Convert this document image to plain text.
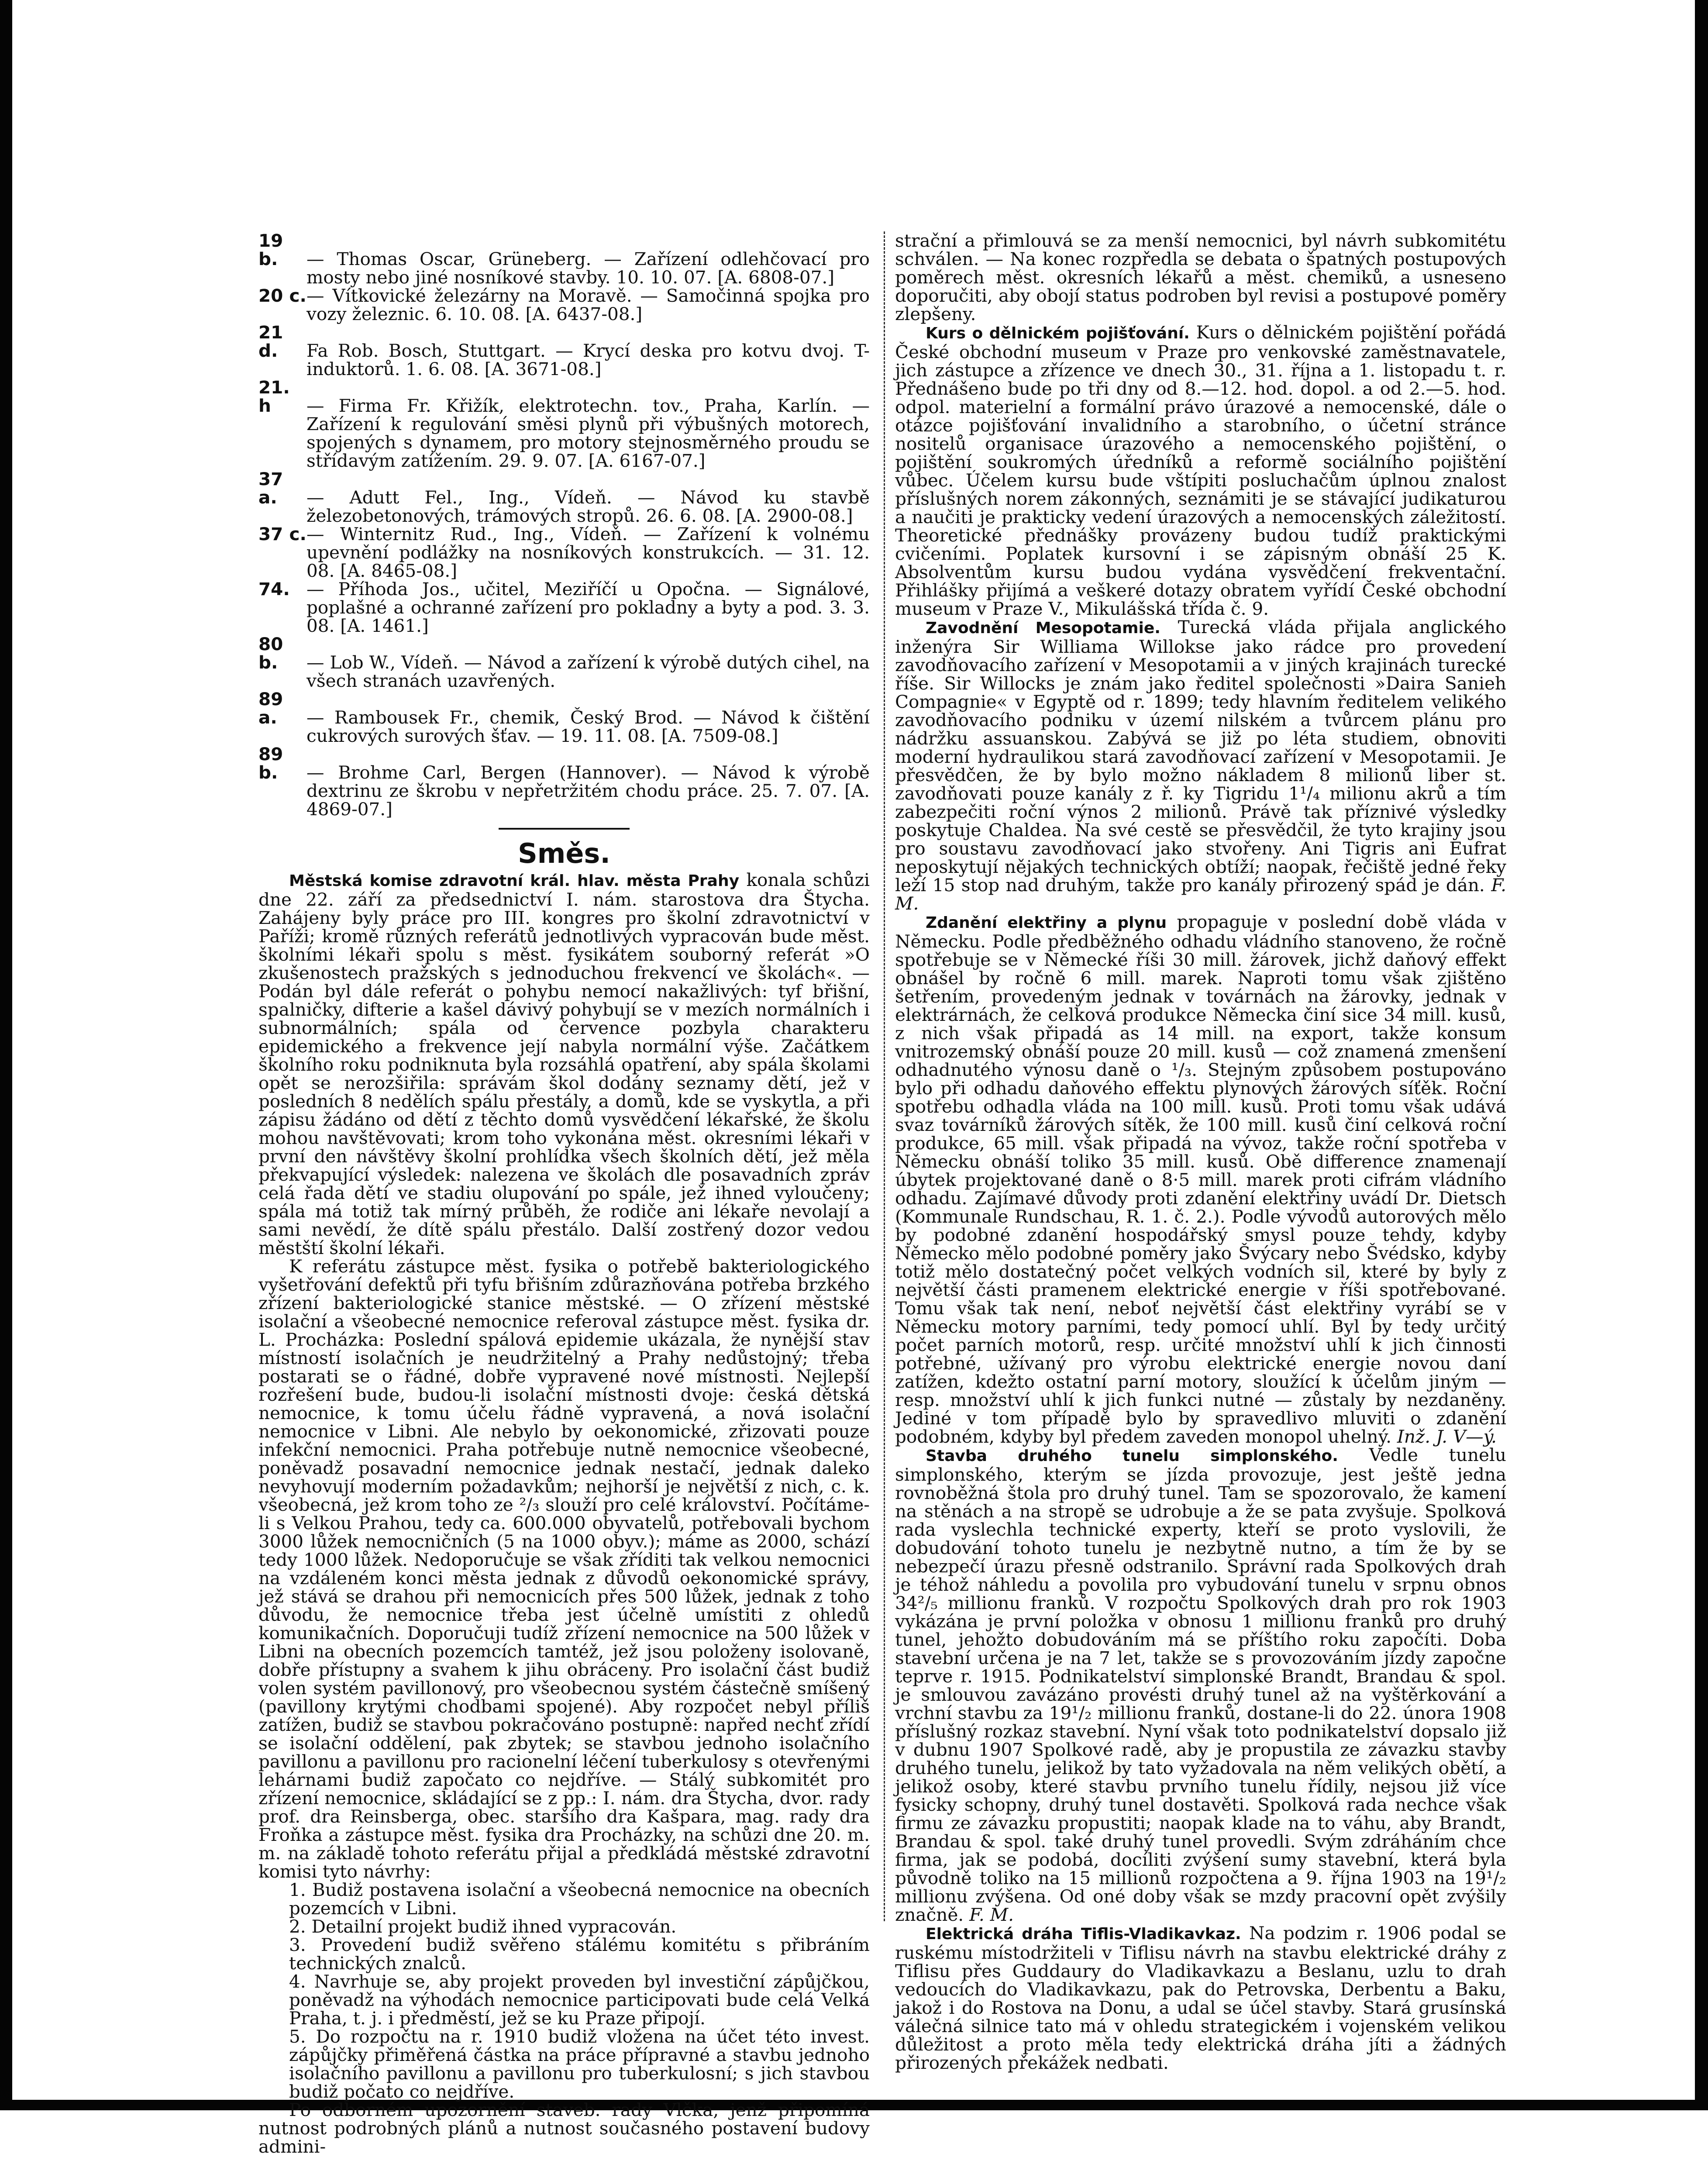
19 b. — Thomas Oscar, Grüneberg. — Zařízení odlehčovací pro mosty nebo jiné nosníkové stavby. 10. 10. 07. [A. 6808-07.]

20 c.— Vítkovické železárny na Moravě. — Samočinná spojka pro vozy železnic. 6. 10. 08. [A. 6437-08.]

21 d. Fa Rob. Bosch, Stuttgart. — Krycí deska pro kotvu dvoj. T-induktorů. 1. 6. 08. [A. 3671-08.]

21. h — Firma Fr. Křižík, elektrotechn. tov., Praha, Karlín. — Zařízení k regulování směsi plynů při výbušných motorech, spojených s dynamem, pro motory stejnosměrného proudu se střídavým zatížením. 29. 9. 07. [A. 6167-07.]

37 a. — Adutt Fel., Ing., Vídeň. — Návod ku stavbě železobetonových, trámových stropů. 26. 6. 08. [A. 2900-08.]

37 c.— Winternitz Rud., Ing., Vídeň. — Zařízení k volnému upevnění podlážky na nosníkových konstrukcích. — 31. 12. 08. [A. 8465-08.]

74. — Příhoda Jos., učitel, Meziříčí u Opočna. — Signálové, poplašné a ochranné zařízení pro pokladny a byty a pod. 3. 3. 08. [A. 1461.]

80 b. — Lob W., Vídeň. — Návod a zařízení k výrobě dutých cihel, na všech stranách uzavřených.

89 a. — Rambousek Fr., chemik, Český Brod. — Návod k čištění cukrových surových šťav. — 19. 11. 08. [A. 7509-08.]

89 b. — Brohme Carl, Bergen (Hannover). — Návod k výrobě dextrinu ze škrobu v nepřetržitém chodu práce. 25. 7. 07. [A. 4869-07.]

Směs.

Městská komise zdravotní král. hlav. města Prahy konala schůzi dne 22. září za předsednictví I. nám. starostova dra Štycha. Zahájeny byly práce pro III. kongres pro školní zdravotnictví v Paříži; kromě různých referátů jednotlivých vypracován bude měst. školními lékaři spolu s měst. fysikátem souborný referát »O zkušenostech pražských s jednoduchou frekvencí ve školách«. — Podán byl dále referát o pohybu nemocí nakažlivých: tyf břišní, spalničky, difterie a kašel dávivý pohybují se v mezích normálních i subnormálních; spála od července pozbyla charakteru epidemického a frekvence její nabyla normální výše. Začátkem školního roku podniknuta byla rozsáhlá opatření, aby spála školami opět se nerozšiřila: správám škol dodány seznamy dětí, jež v posledních 8 nedělích spálu přestály, a domů, kde se vyskytla, a při zápisu žádáno od dětí z těchto domů vysvědčení lékařské, že školu mohou navštěvovati; krom toho vykonána měst. okresními lékaři v první den návštěvy školní prohlídka všech školních dětí, jež měla překvapující výsledek: nalezena ve školách dle posavadních zpráv celá řada dětí ve stadiu olupování po spále, jež ihned vyloučeny; spála má totiž tak mírný průběh, že rodiče ani lékaře nevolají a sami nevědí, že dítě spálu přestálo. Další zostřený dozor vedou městští školní lékaři.

K referátu zástupce měst. fysika o potřebě bakteriologického vyšetřování defektů při tyfu břišním zdůrazňována potřeba brzkého zřízení bakteriologické stanice městské. — O zřízení městské isolační a všeobecné nemocnice referoval zástupce měst. fysika dr. L. Procházka: Poslední spálová epidemie ukázala, že nynější stav místností isolačních je neudržitelný a Prahy nedůstojný; třeba postarati se o řádné, dobře vypravené nové místnosti. Nejlepší rozřešení bude, budou-li isolační místnosti dvoje: česká dětská nemocnice, k tomu účelu řádně vypravená, a nová isolační nemocnice v Libni. Ale nebylo by oekonomické, zřizovati pouze infekční nemocnici. Praha potřebuje nutně nemocnice všeobecné, poněvadž posavadní nemocnice jednak nestačí, jednak daleko nevyhovují moderním požadavkům; nejhorší je největší z nich, c. k. všeobecná, jež krom toho ze ²/₃ slouží pro celé království. Počítáme-li s Velkou Prahou, tedy ca. 600.000 obyvatelů, potřebovali bychom 3000 lůžek nemocničních (5 na 1000 obyv.); máme as 2000, schází tedy 1000 lůžek. Nedoporučuje se však zříditi tak velkou nemocnici na vzdáleném konci města jednak z důvodů oekonomické správy, jež stává se drahou při nemocnicích přes 500 lůžek, jednak z toho důvodu, že nemocnice třeba jest účelně umístiti z ohledů komunikačních. Doporučuji tudíž zřízení nemocnice na 500 lůžek v Libni na obecních pozemcích tamtéž, jež jsou položeny isolovaně, dobře přístupny a svahem k jihu obráceny. Pro isolační část budiž volen systém pavillonový, pro všeobecnou systém částečně smíšený (pavillony krytými chodbami spojené). Aby rozpočet nebyl příliš zatížen, budiž se stavbou pokračováno postupně: napřed nechť zřídí se isolační oddělení, pak zbytek; se stavbou jednoho isolačního pavillonu a pavillonu pro racionelní léčení tuberkulosy s otevřenými lehárnami budiž započato co nejdříve. — Stálý subkomitét pro zřízení nemocnice, skládající se z pp.: I. nám. dra Štycha, dvor. rady prof. dra Reinsberga, obec. staršího dra Kašpara, mag. rady dra Froňka a zástupce měst. fysika dra Procházky, na schůzi dne 20. m. m. na základě tohoto referátu přijal a předkládá městské zdravotní komisi tyto návrhy:

1. Budiž postavena isolační a všeobecná nemocnice na obecních pozemcích v Libni.

2. Detailní projekt budiž ihned vypracován.

3. Provedení budiž svěřeno stálému komitétu s přibráním technických znalců.

4. Navrhuje se, aby projekt proveden byl investiční zápůjčkou, poněvadž na výhodách nemocnice participovati bude celá Velká Praha, t. j. i předměstí, jež se ku Praze připojí.

5. Do rozpočtu na r. 1910 budiž vložena na účet této invest. zápůjčky přiměřená částka na práce přípravné a stavbu jednoho isolačního pavillonu a pavillonu pro tuberkulosní; s jich stavbou budiž počato co nejdříve.

Po odborném upozornění staveb. rady Vlčka, jenž připomíná nutnost podrobných plánů a nutnost současného postavení budovy admini-

strační a přimlouvá se za menší nemocnici, byl návrh subkomitétu schválen. — Na konec rozpředla se debata o špatných postupových poměrech měst. okresních lékařů a měst. chemiků, a usneseno doporučiti, aby obojí status podroben byl revisi a postupové poměry zlepšeny.

Kurs o dělnickém pojišťování. Kurs o dělnickém pojištění pořádá České obchodní museum v Praze pro venkovské zaměstnavatele, jich zástupce a zřízence ve dnech 30., 31. října a 1. listopadu t. r. Přednášeno bude po tři dny od 8.—12. hod. dopol. a od 2.—5. hod. odpol. materielní a formální právo úrazové a nemocenské, dále o otázce pojišťování invalidního a starobního, o účetní stránce nositelů organisace úrazového a nemocenského pojištění, o pojištění soukromých úředníků a reformě sociálního pojištění vůbec. Účelem kursu bude vštípiti posluchačům úplnou znalost příslušných norem zákonných, seznámiti je se stávající judikaturou a naučiti je prakticky vedení úrazových a nemocenských záležitostí. Theoretické přednášky provázeny budou tudíž praktickými cvičeními. Poplatek kursovní i se zápisným obnáší 25 K. Absolventům kursu budou vydána vysvědčení frekventační. Přihlášky přijímá a veškeré dotazy obratem vyřídí České obchodní museum v Praze V., Mikulášská třída č. 9.

Zavodnění Mesopotamie. Turecká vláda přijala anglického inženýra Sir Williama Willokse jako rádce pro provedení zavodňovacího zařízení v Mesopotamii a v jiných krajinách turecké říše. Sir Willocks je znám jako ředitel společnosti »Daira Sanieh Compagnie« v Egyptě od r. 1899; tedy hlavním ředitelem velikého zavodňovacího podniku v území nilském a tvůrcem plánu pro nádržku assuanskou. Zabývá se již po léta studiem, obnoviti moderní hydraulikou stará zavodňovací zařízení v Mesopotamii. Je přesvědčen, že by bylo možno nákladem 8 milionů liber st. zavodňovati pouze kanály z ř. ky Tigridu 1¹/₄ milionu akrů a tím zabezpečiti roční výnos 2 milionů. Právě tak příznivé výsledky poskytuje Chaldea. Na své cestě se přesvědčil, že tyto krajiny jsou pro soustavu zavodňovací jako stvořeny. Ani Tigris ani Eufrat neposkytují nějakých technických obtíží; naopak, řečiště jedné řeky leží 15 stop nad druhým, takže pro kanály přirozený spád je dán. F. M.

Zdanění elektřiny a plynu propaguje v poslední době vláda v Německu. Podle předběžného odhadu vládního stanoveno, že ročně spotřebuje se v Německé říši 30 mill. žárovek, jichž daňový effekt obnášel by ročně 6 mill. marek. Naproti tomu však zjištěno šetřením, provedeným jednak v továrnách na žárovky, jednak v elektrárnách, že celková produkce Německa činí sice 34 mill. kusů, z nich však připadá as 14 mill. na export, takže konsum vnitrozemský obnáší pouze 20 mill. kusů — což znamená zmenšení odhadnutého výnosu daně o ¹/₃. Stejným způsobem postupováno bylo při odhadu daňového effektu plynových žárových síťěk. Roční spotřebu odhadla vláda na 100 mill. kusů. Proti tomu však udává svaz továrníků žárových sítěk, že 100 mill. kusů činí celková roční produkce, 65 mill. však připadá na vývoz, takže roční spotřeba v Německu obnáší toliko 35 mill. kusů. Obě differencе znamenají úbytek projektované daně o 8·5 mill. marek proti cifrám vládního odhadu. Zajímavé důvody proti zdanění elektřiny uvádí Dr. Dietsch (Kommunale Rundschau, R. 1. č. 2.). Podle vývodů autorových mělo by podobné zdanění hospodářský smysl pouze tehdy, kdyby Německo mělo podobné poměry jako Švýcary nebo Švédsko, kdyby totiž mělo dostatečný počet velkých vodních sil, které by byly z největší části pramenem elektrické energie v říši spotřebované. Tomu však tak není, neboť největší část elektřiny vyrábí se v Německu motory parními, tedy pomocí uhlí. Byl by tedy určitý počet parních motorů, resp. určité množství uhlí k jich činnosti potřebné, užívaný pro výrobu elektrické energie novou daní zatížen, kdežto ostatní parní motory, sloužící k účelům jiným — resp. množství uhlí k jich funkci nutné — zůstaly by nezdaněny. Jediné v tom případě bylo by spravedlivo mluviti o zdanění podobném, kdyby byl předem zaveden monopol uhelný. Inž. J. V—ý.

Stavba druhého tunelu simplonského. Vedle tunelu simplonského, kterým se jízda provozuje, jest ještě jedna rovnoběžná štola pro druhý tunel. Tam se spozorovalo, že kamení na stěnách a na stropě se udrobuje a že se pata zvyšuje. Spolková rada vyslechla technické experty, kteří se proto vyslovili, že dobudování tohoto tunelu je nezbytně nutno, a tím že by se nebezpečí úrazu přesně odstranilo. Správní rada Spolkových drah je téhož náhledu a povolila pro vybudování tunelu v srpnu obnos 34²/₅ millionu franků. V rozpočtu Spolkových drah pro rok 1903 vykázána je první položka v obnosu 1 millionu franků pro druhý tunel, jehožto dobudováním má se příštího roku započíti. Doba stavební určena je na 7 let, takže se s provozováním jízdy započne teprve r. 1915. Podnikatelství simplonské Brandt, Brandau & spol. je smlouvou zavázáno provésti druhý tunel až na vyštěrkování a vrchní stavbu za 19¹/₂ millionu franků, dostane-li do 22. února 1908 příslušný rozkaz stavební. Nyní však toto podnikatelství dopsalo již v dubnu 1907 Spolkové radě, aby je propustila ze závazku stavby druhého tunelu, jelikož by tato vyžadovala na něm velikých obětí, a jelikož osoby, které stavbu prvního tunelu řídily, nejsou již více fysicky schopny, druhý tunel dostavěti. Spolková rada nechce však firmu ze závazku propustiti; naopak klade na to váhu, aby Brandt, Brandau & spol. také druhý tunel provedli. Svým zdráháním chce firma, jak se podobá, docíliti zvýšení sumy stavební, která byla původně toliko na 15 millionů rozpočtena a 9. října 1903 na 19¹/₂ millionu zvýšena. Od oné doby však se mzdy pracovní opět zvýšily značně. F. M.

Elektrická dráha Tiflis-Vladikavkaz. Na podzim r. 1906 podal se ruskému místodržiteli v Tiflisu návrh na stavbu elektrické dráhy z Tiflisu přes Guddaury do Vladikavkazu a Beslanu, uzlu to drah vedoucích do Vladikavkazu, pak do Petrovska, Derbentu a Baku, jakož i do Rostova na Donu, a udal se účel stavby. Stará grusínská válečná silnice tato má v ohledu strategickém i vojenském velikou důležitost a proto měla tedy elektrická dráha jíti a žádných přirozených překážek nedbati.
